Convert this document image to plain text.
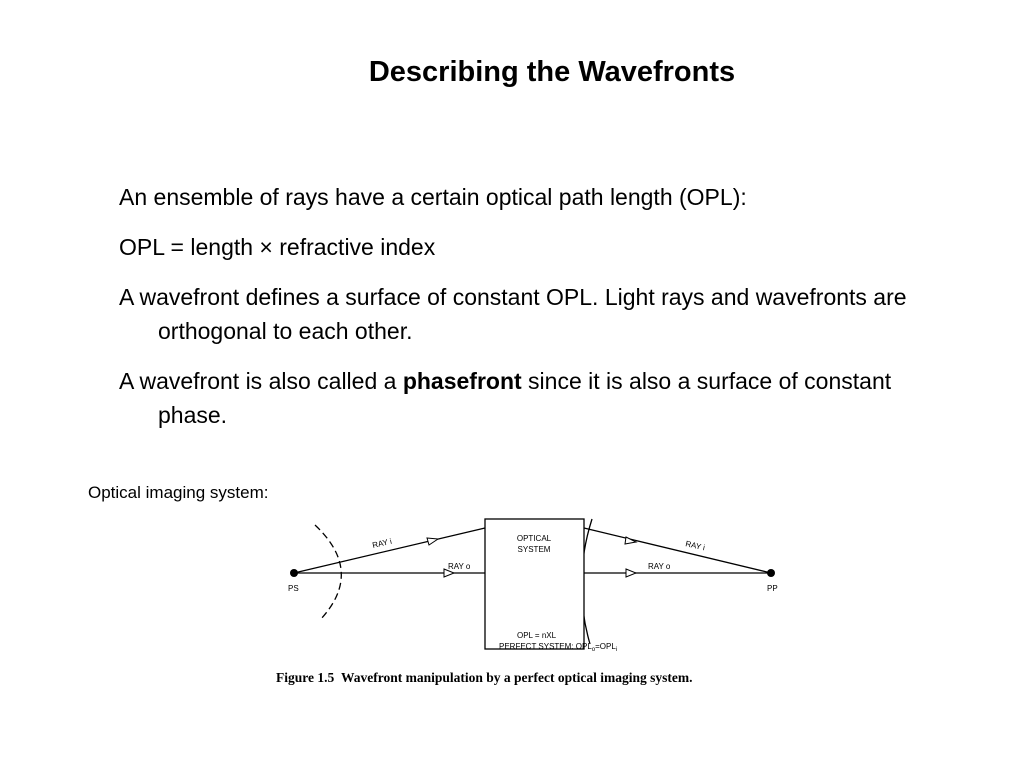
Describing the Wavefronts
An ensemble of rays have a certain optical path length (OPL):
OPL = length × refractive index
A wavefront defines a surface of constant OPL. Light rays and wavefronts are orthogonal to each other.
A wavefront is also called a phasefront since it is also a surface of constant phase.
Optical imaging system:
RAY i
RAY o
OPTICAL
SYSTEM	RAY i
RAY o
PS	PP
OPL = nXL
PERFECT SYSTEM: $OPL_o=OPL_i$
Figure 1.5 Wavefront manipulation by a perfect optical imaging system.
